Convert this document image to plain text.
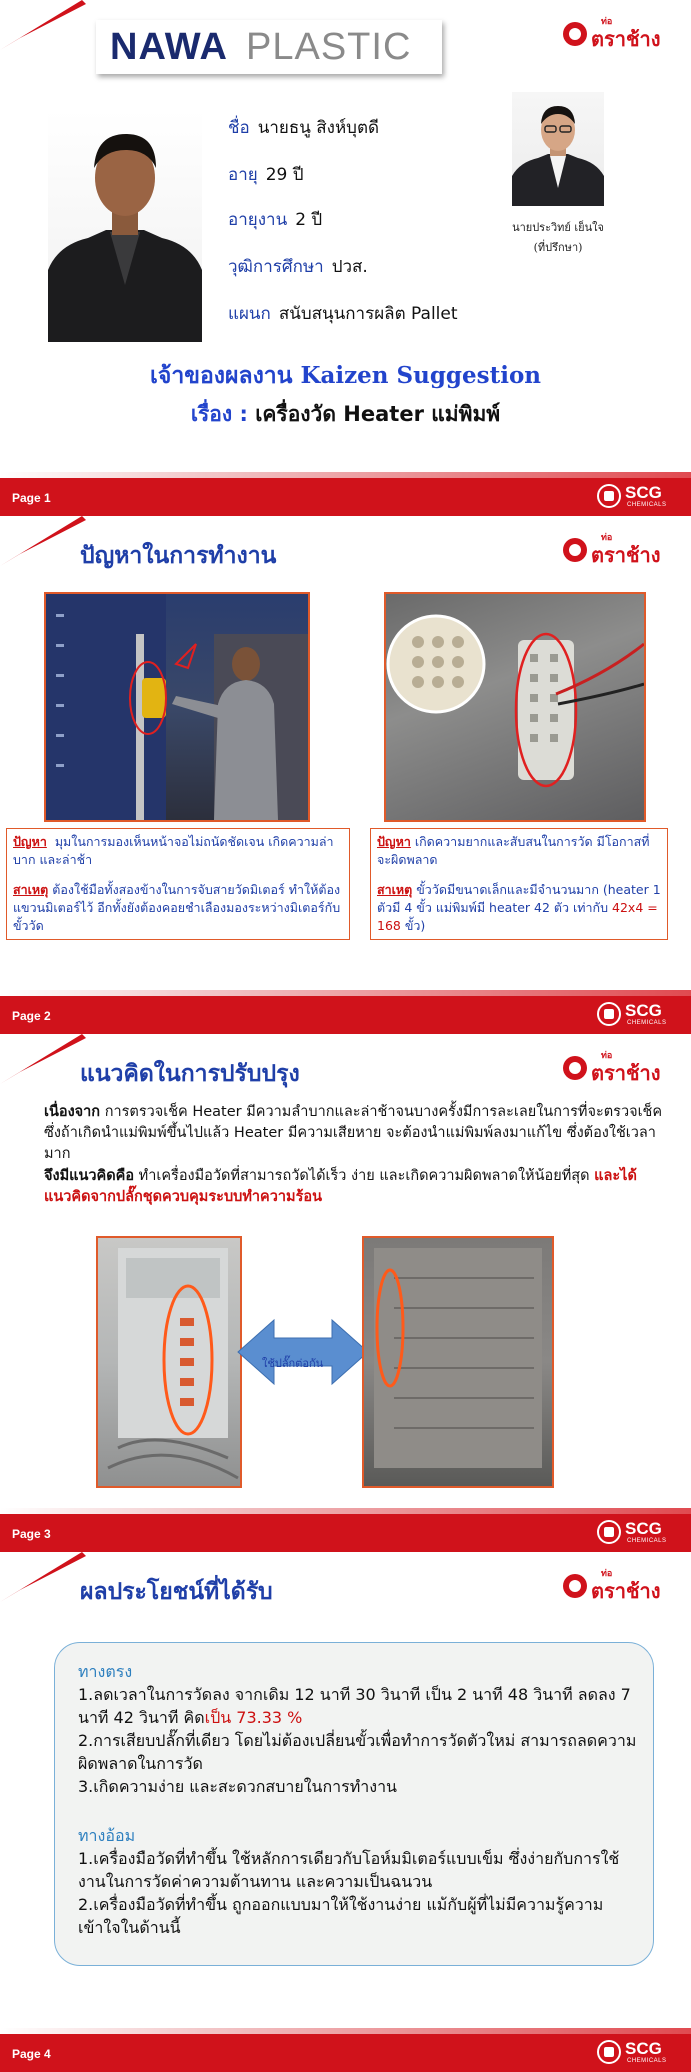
NAWA PLASTIC
ท่อ
ตราช้าง
ชื่อ นายธนู สิงห์บุตดี
อายุ 29 ปี
อายุงาน 2 ปี
วุฒิการศึกษา ปวส.
แผนก สนับสนุนการผลิต Pallet
นายประวิทย์ เย็นใจ
(ที่ปรึกษา)
เจ้าของผลงาน Kaizen Suggestion
เรื่อง : เครื่องวัด Heater แม่พิมพ์
Page 1	SCG
CHEMICALS
ปัญหาในการทำงาน
ท่อ
ตราช้าง
Page 2	SCG
CHEMICALS
ปัญหา มุมในการมองเห็นหน้าจอไม่ถนัดชัดเจน เกิดความล่าบาก และล่าช้า
สาเหตุ ต้องใช้มือทั้งสองข้างในการจับสายวัดมิเตอร์ ทำให้ต้องแขวนมิเตอร์ไว้ อีกทั้งยังต้องคอยชำเลืองมองระหว่างมิเตอร์กับขั้ววัด
ปัญหา เกิดความยากและสับสนในการวัด มีโอกาสที่จะผิดพลาด
สาเหตุ ขั้ววัดมีขนาดเล็กและมีจำนวนมาก (heater 1 ตัวมี 4 ขั้ว แม่พิมพ์มี heater 42 ตัว เท่ากับ 42x4 = 168 ขั้ว)
แนวคิดในการปรับปรุง
ท่อ
ตราช้าง
Page 3	SCG
CHEMICALS
เนื่องจาก การตรวจเช็ค Heater มีความลำบากและล่าช้าจนบางครั้งมีการละเลยในการที่จะตรวจเช็ค ซึ่งถ้าเกิดนำแม่พิมพ์ขึ้นไปแล้ว Heater มีความเสียหาย จะต้องนำแม่พิมพ์ลงมาแก้ไข ซึ่งต้องใช้เวลามาก
จึงมีแนวคิดคือ ทำเครื่องมือวัดที่สามารถวัดได้เร็ว ง่าย และเกิดความผิดพลาดให้น้อยที่สุด และได้แนวคิดจากปลั๊กชุดควบคุมระบบทำความร้อน
ใช้ปลั๊กต่อกัน
ผลประโยชน์ที่ได้รับ
ท่อ
ตราช้าง
Page 4	SCG
CHEMICALS
ทางตรง
1.ลดเวลาในการวัดลง จากเดิม 12 นาที 30 วินาที เป็น 2 นาที 48 วินาที ลดลง 7 นาที 42 วินาที คิดเป็น 73.33 %
2.การเสียบปลั๊กที่เดียว โดยไม่ต้องเปลี่ยนขั้วเพื่อทำการวัดตัวใหม่ สามารถลดความผิดพลาดในการวัด
3.เกิดความง่าย และสะดวกสบายในการทำงาน
ทางอ้อม
1.เครื่องมือวัดที่ทำขึ้น ใช้หลักการเดียวกับโอห์มมิเตอร์แบบเข็ม ซึ่งง่ายกับการใช้งานในการวัดค่าความต้านทาน และความเป็นฉนวน
2.เครื่องมือวัดที่ทำขึ้น ถูกออกแบบมาให้ใช้งานง่าย แม้กับผู้ที่ไม่มีความรู้ความเข้าใจในด้านนี้
